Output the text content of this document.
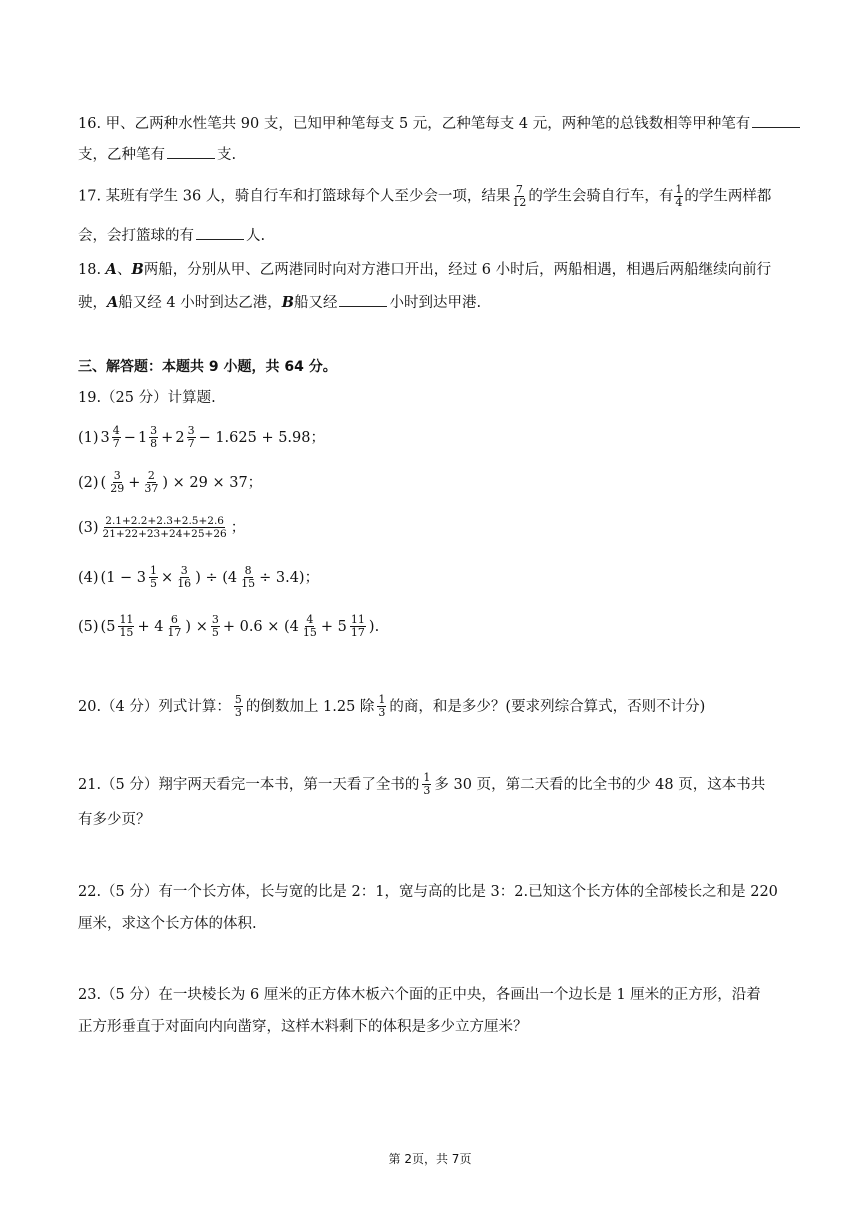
16. 甲、乙两种水性笔共 90 支，已知甲种笔每支 5 元，乙种笔每支 4 元，两种笔的总钱数相等甲种笔有
支，乙种笔有	支.
17. 某班有学生 36 人，骑自行车和打篮球每个人至少会一项，结果 $\frac{7}{12}$ 的学生会骑自行车，有 $\frac{1}{4}$ 的学生两样都
会，会打篮球的有	人.
18. A、B两船，分别从甲、乙两港同时向对方港口开出，经过 6 小时后，两船相遇，相遇后两船继续向前行
驶，A船又经 4 小时到达乙港，B船又经	小时到达甲港.
三、解答题：本题共 9 小题，共 64 分。
19.（25 分）计算题.
(1) $3 \frac{4}{7} - 1 \frac{3}{8} + 2 \frac{3}{7} - 1.625 + 5.98$；
(2) ( $\frac{3}{29} + \frac{2}{37}$ ) × 29 × 37；
$(3) \frac{2.1+2.2+2.3+2.5+2.6}{21+22+23+24+25+26}$ ；
(4) ($1 - 3 \frac{1}{5} \times \frac{3}{16}$ ) ÷ $(4 \frac{8}{15} \div 3.4)$；
(5) ($5 \frac{11}{15} + 4 \frac{6}{17}$ ) × $\frac{3}{5} + 0.6 \times (4 \frac{4}{15} + 5 \frac{11}{17}$ ).
20.（4 分）列式计算： $\frac{5}{3}$ 的倒数加上 1.25 除 $\frac{1}{3}$ 的商，和是多少？(要求列综合算式，否则不计分)
21.（5 分）翔宇两天看完一本书，第一天看了全书的 $\frac{1}{3}$ 多 30 页，第二天看的比全书的少 48 页，这本书共
有多少页？
22.（5 分）有一个长方体，长与宽的比是 2：1，宽与高的比是 3：2.已知这个长方体的全部棱长之和是 220
厘米，求这个长方体的体积.
23.（5 分）在一块棱长为 6 厘米的正方体木板六个面的正中央，各画出一个边长是 1 厘米的正方形，沿着
正方形垂直于对面向内向凿穿，这样木料剩下的体积是多少立方厘米？
第 2页，共 7页
